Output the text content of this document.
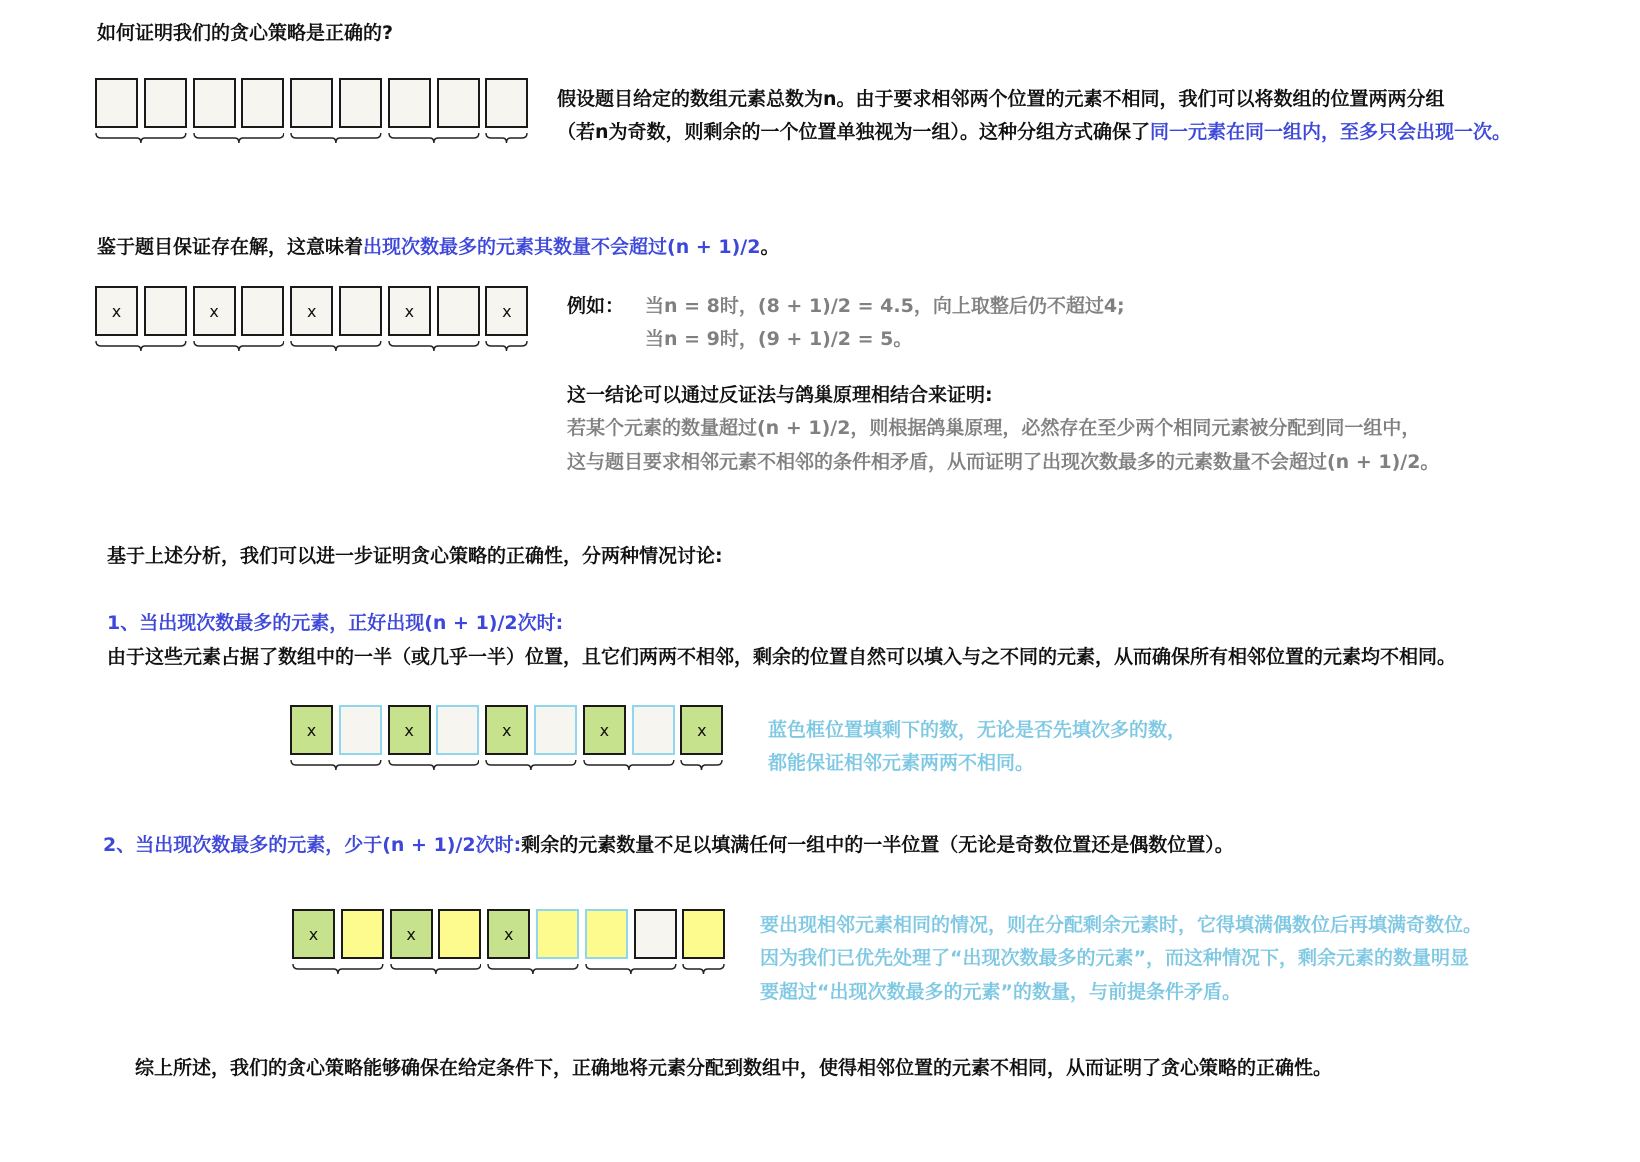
如何证明我们的贪心策略是正确的?
假设题目给定的数组元素总数为n。由于要求相邻两个位置的元素不相同，我们可以将数组的位置两两分组
（若n为奇数，则剩余的一个位置单独视为一组）。这种分组方式确保了同一元素在同一组内，至多只会出现一次。
鉴于题目保证存在解，这意味着出现次数最多的元素其数量不会超过(n + 1)/2。
x	x	x	x	x	例如： 当n = 8时，(8 + 1)/2 = 4.5，向上取整后仍不超过4;
当n = 9时，(9 + 1)/2 = 5。
这一结论可以通过反证法与鸽巢原理相结合来证明:
若某个元素的数量超过(n + 1)/2，则根据鸽巢原理，必然存在至少两个相同元素被分配到同一组中，
这与题目要求相邻元素不相邻的条件相矛盾，从而证明了出现次数最多的元素数量不会超过(n + 1)/2。
基于上述分析，我们可以进一步证明贪心策略的正确性，分两种情况讨论:
1、当出现次数最多的元素，正好出现(n + 1)/2次时:
由于这些元素占据了数组中的一半（或几乎一半）位置，且它们两两不相邻，剩余的位置自然可以填入与之不同的元素，从而确保所有相邻位置的元素均不相同。
x	x	x	x	x	蓝色框位置填剩下的数，无论是否先填次多的数，
都能保证相邻元素两两不相同。
2、当出现次数最多的元素，少于(n + 1)/2次时:剩余的元素数量不足以填满任何一组中的一半位置（无论是奇数位置还是偶数位置）。
x	x	x	要出现相邻元素相同的情况，则在分配剩余元素时，它得填满偶数位后再填满奇数位。
因为我们已优先处理了“出现次数最多的元素”，而这种情况下，剩余元素的数量明显
要超过“出现次数最多的元素”的数量，与前提条件矛盾。
综上所述，我们的贪心策略能够确保在给定条件下，正确地将元素分配到数组中，使得相邻位置的元素不相同，从而证明了贪心策略的正确性。
